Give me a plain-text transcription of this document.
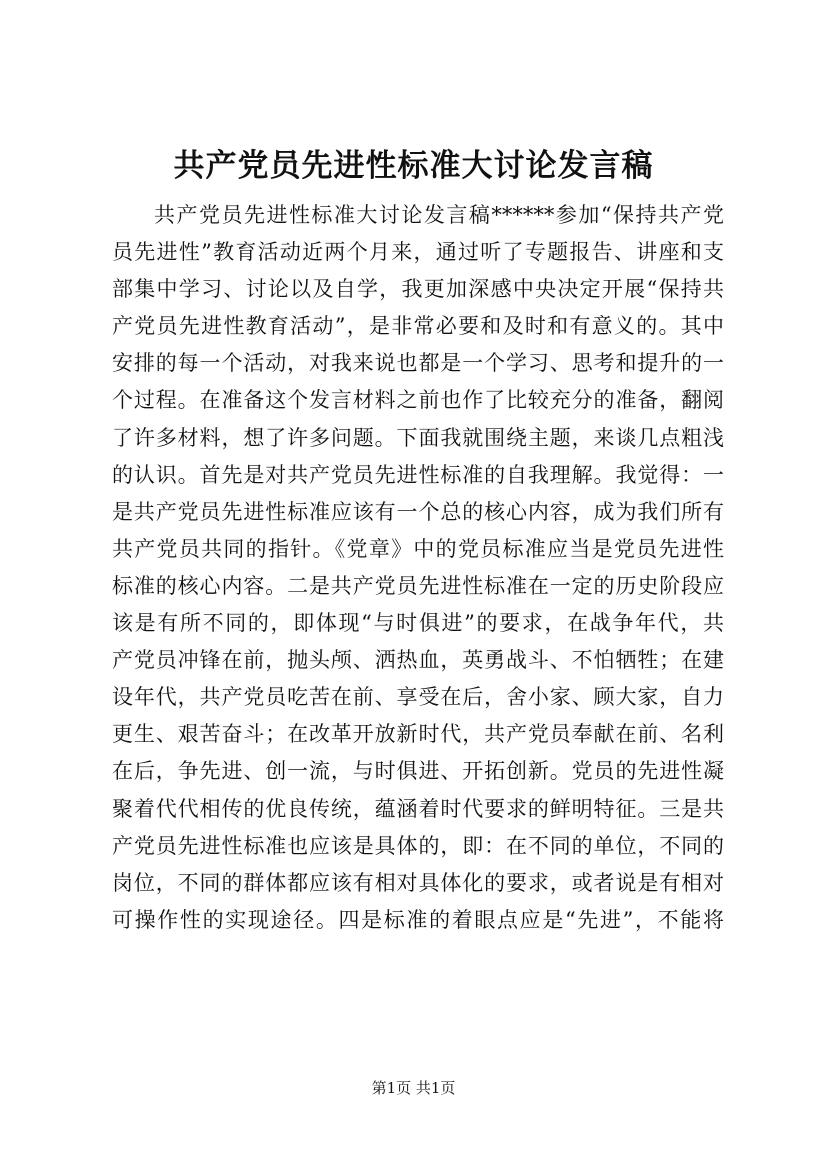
共产党员先进性标准大讨论发言稿
共产党员先进性标准大讨论发言稿******参加“保持共产党
员先进性”教育活动近两个月来，通过听了专题报告、讲座和支
部集中学习、讨论以及自学，我更加深感中央决定开展“保持共
产党员先进性教育活动”，是非常必要和及时和有意义的。其中
安排的每一个活动，对我来说也都是一个学习、思考和提升的一
个过程。在准备这个发言材料之前也作了比较充分的准备，翻阅
了许多材料，想了许多问题。下面我就围绕主题，来谈几点粗浅
的认识。首先是对共产党员先进性标准的自我理解。我觉得：一
是共产党员先进性标准应该有一个总的核心内容，成为我们所有
共产党员共同的指针。《党章》中的党员标准应当是党员先进性
标准的核心内容。二是共产党员先进性标准在一定的历史阶段应
该是有所不同的，即体现“与时俱进”的要求，在战争年代，共
产党员冲锋在前，抛头颅、洒热血，英勇战斗、不怕牺牲；在建
设年代，共产党员吃苦在前、享受在后，舍小家、顾大家，自力
更生、艰苦奋斗；在改革开放新时代，共产党员奉献在前、名利
在后，争先进、创一流，与时俱进、开拓创新。党员的先进性凝
聚着代代相传的优良传统，蕴涵着时代要求的鲜明特征。三是共
产党员先进性标准也应该是具体的，即：在不同的单位，不同的
岗位，不同的群体都应该有相对具体化的要求，或者说是有相对
可操作性的实现途径。四是标准的着眼点应是“先进”，不能将
第1页 共1页
